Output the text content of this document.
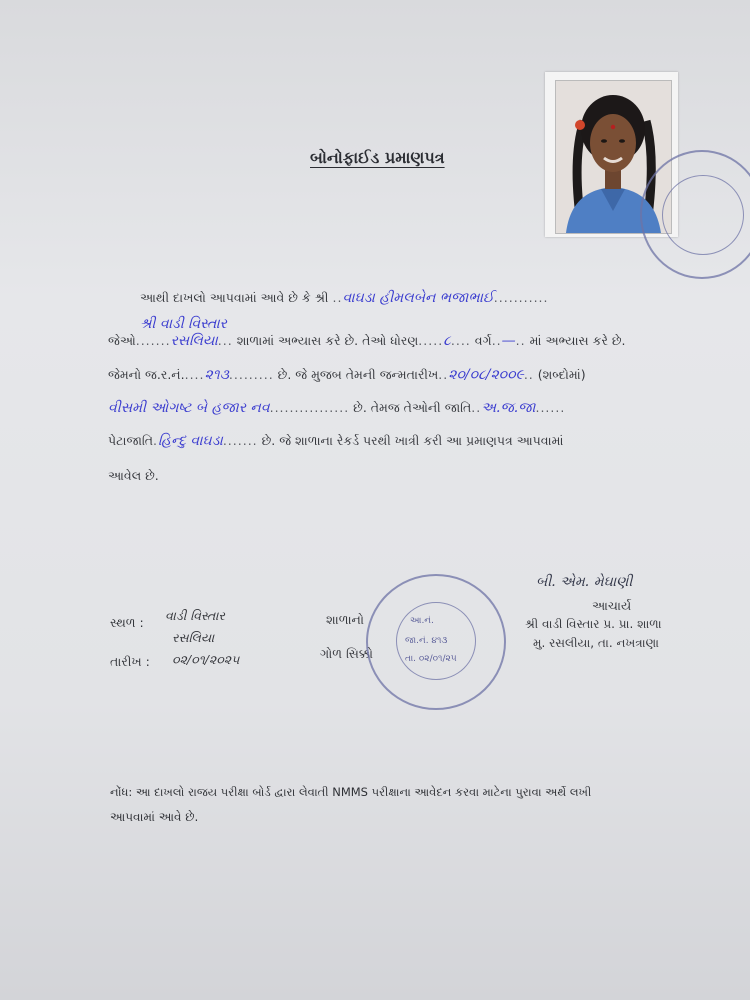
બોનોફાઈડ પ્રમાણપત્ર
આથી દાખલો આપવામાં આવે છે કે શ્રી ..વાઘડા હીમલબેન ભજાભાઈ...........
શ્રી વાડી વિસ્તાર
જેઓ.......રસલિયા... શાળામાં અભ્યાસ કરે છે. તેઓ ધોરણ.....૮.... વર્ગ..—.. માં અભ્યાસ કરે છે.
જેમનો જ.ર.નં.....૨૧૩......... છે. જે મુજબ તેમની જન્મતારીખ..૨૦/૦૮/૨૦૦૯.. (શબ્દોમાં)
વીસમી ઓગષ્ટ બે હજાર નવ................ છે. તેમજ તેઓની જાતિ..અ.જ.જા......
પેટાજાતિ.હિન્દુ વાઘડા....... છે. જે શાળાના રેકર્ડ પરથી ખાત્રી કરી આ પ્રમાણપત્ર આપવામાં
આવેલ છે.
સ્થળ : વાડી વિસ્તાર
રસલિયા
તારીખ : ૦૨/૦૧/૨૦૨૫
શાળાનો
ગોળ સિક્કો
આ.નં.
જા.નં. ૪૧૩
તા. ૦૨/૦૧/૨૫
બી. એમ. મેઘાણી
આચાર્ય
શ્રી વાડી વિસ્તાર પ્ર. પ્રા. શાળા
મુ. રસલીયા, તા. નખત્રાણા
નોંધ: આ દાખલો રાજય પરીક્ષા બોર્ડ દ્વારા લેવાતી NMMS પરીક્ષાના આવેદન કરવા માટેના પુરાવા અર્થે લખી
આપવામાં આવે છે.
